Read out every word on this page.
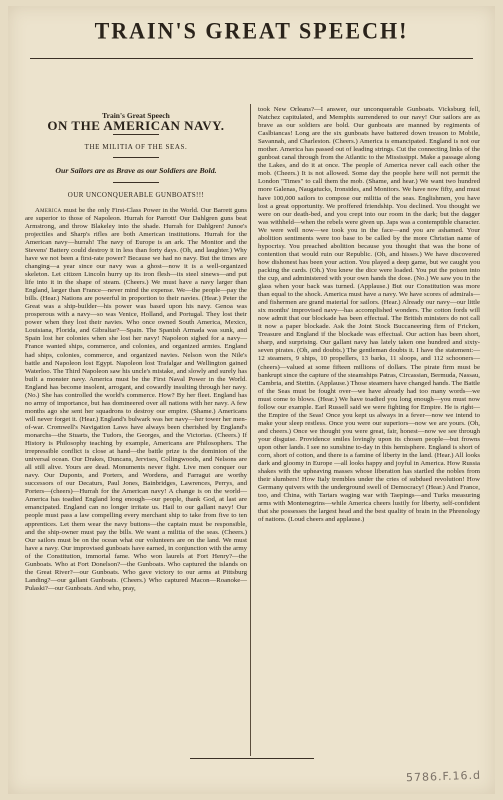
TRAIN'S GREAT SPEECH!
Train's Great Speech
ON THE AMERICAN NAVY.
THE MILITIA OF THE SEAS.
Our Sailors are as Brave as our Soldiers are Bold.
OUR UNCONQUERABLE GUNBOATS!!!

America must be the only First-Class Power in the World. Our Barrett guns are superior to those of Napoleon. Hurrah for Parrott! Our Dahlgren guns beat Armstrong, and throw Blakeley into the shade. Hurrah for Dahlgren! Junoe's projectiles and Sharp's rifles are both American institutions. Hurrah for the American navy—hurrah! The navy of Europe is an ark. The Monitor and the Stevens' Battery could destroy it in less than forty days. (Oh, and laughter.) Why have we not been a first-rate power? Because we had no navy. But the times are changing—a year since our navy was a ghost—now it is a well-organized skeleton. Let citizen Lincoln hurry up its iron flesh—its steel sinews—and put life into it in the shape of steam. (Cheers.) We must have a navy larger than England, larger than France—never mind the expense. We—the people—pay the bills. (Hear.) Nations are powerful in proportion to their navies. (Hear.) Peter the Great was a ship-builder—his power was based upon his navy. Genoa was prosperous with a navy—so was Venice, Holland, and Portugal. They lost their power when they lost their navies. Who once owned South America, Mexico, Louisiana, Florida, and Gibraltar?—Spain. The Spanish Armada was sunk, and Spain lost her colonies when she lost her navy! Napoleon sighed for a navy—France wanted ships, commerce, and colonies, and organized armies. England had ships, colonies, commerce, and organized navies. Nelson won the Nile's battle and Napoleon lost Egypt. Napoleon lost Trafalgar and Wellington gained Waterloo. The Third Napoleon saw his uncle's mistake, and slowly and surely has built a monster navy. America must be the First Naval Power in the World. England has become insolent, arrogant, and cowardly insulting through her navy. (No.) She has controlled the world's commerce. How? By her fleet. England has no army of importance, but has domineered over all nations with her navy. A few months ago she sent her squadrons to destroy our empire. (Shame.) Americans will never forget it. (Hear.) England's bulwark was her navy—her tower her men-of-war. Cromwell's Navigation Laws have always been cherished by England's monarchs—the Stuarts, the Tudors, the Georges, and the Victorias. (Cheers.) If History is Philosophy teaching by example, Americans are Philosophers. The irrepressible conflict is close at hand—the battle prize is the dominion of the universal ocean. Our Drakes, Duncans, Jervises, Collingwoods, and Nelsons are all still alive. Yours are dead. Monuments never fight. Live men conquer our navy. Our Duponts, and Porters, and Wordens, and Farragut are worthy successors of our Decaturs, Paul Jones, Bainbridges, Lawrences, Perrys, and Porters—(cheers)—Hurrah for the American navy! A change is on the world—America has toadied England long enough—our people, thank God, at last are emancipated. England can no longer irritate us. Hail to our gallant navy! Our people must pass a law compelling every merchant ship to take from five to ten apprentices. Let them wear the navy buttons—the captain must be responsible, and the ship-owner must pay the bills. We want a militia of the seas. (Cheers.) Our sailors must be on the ocean what our volunteers are on the land. We must have a navy. Our improvised gunboats have earned, in conjunction with the army of the Constitution, immortal fame. Who won laurels at Fort Henry?—the Gunboats. Who at Fort Donelson?—the Gunboats. Who captured the islands on the Great River?—our Gunboats. Who gave victory to our arms at Pittsburg Landing?—our gallant Gunboats. (Cheers.) Who captured Macon—Roanoke—Pulaski?—our Gunboats. And who, pray,

took New Orleans?—I answer, our unconquerable Gunboats. Vicksburg fell, Natchez capitulated, and Memphis surrendered to our navy! Our sailors are as brave as our soldiers are bold. Our gunboats are manned by regiments of Caslbiancas! Long are the six gunboats have battered down treason to Mobile, Savannah, and Charleston. (Cheers.) America is emancipated. England is not our mother. America has passed out of leading strings. Cut the connecting links of the gunboat canal through from the Atlantic to the Mississippi. Make a passage along the Lakes, and do it at once. The people of America never call each other the mob. (Cheers.) It is not allowed. Some day the people here will not permit the London "Times" to call them the mob. (Shame, and hear.) We want two hundred more Galenas, Naugatucks, Ironsides, and Monitors. We have now fifty, and must have 100,000 sailors to compose our militia of the seas. Englishmen, you have lost a great opportunity. We proffered friendship. You declined. You thought we were on our death-bed, and you crept into our room in the dark; but the dagger was withheld—when the rebels were given up. Japs was a contemptible character. We were well now—we took you in the face—and you are ashamed. Your abolition sentiments were too base to be called by the more Christian name of hypocrisy. You preached abolition because you thought that was the bone of contention that would ruin our Republic. (Oh, and hisses.) We have discovered how dishonest has been your action. You played a deep game, but we caught you packing the cards. (Oh.) You knew the dice were loaded. You put the poison into the cup, and administered with your own hands the dose. (No.) We saw you in the glass when your back was turned. (Applause.) But our Constitution was more than equal to the shock. America must have a navy. We have scores of admirals—and fishermen are grand material for sailors. (Hear.) Already our navy—our little six months' improvised navy—has accomplished wonders. The cotton fords will now admit that our blockade has been effectual. The British ministers do not call it now a paper blockade. Ask the Joint Stock Buccaneering firm of Fricken, Treasure and England if the blockade was effectual. Our action has been short, sharp, and surprising. Our gallant navy has lately taken one hundred and sixty-seven pirates. (Oh, and doubts.) The gentleman doubts it. I have the statement:—12 steamers, 9 ships, 10 propellers, 13 barks, 11 sloops, and 112 schooners—(cheers)—valued at some fifteen millions of dollars. The pirate firm must be bankrupt since the capture of the steamships Patras, Circassian, Bermuda, Nassau, Cambria, and Stettin. (Applause.) Those steamers have changed hands. The Battle of the Seas must be fought over—we have already had too many words—we must come to blows. (Hear.) We have toadied you long enough—you must now follow our example. Earl Russell said we were fighting for Empire. He is right—the Empire of the Seas! Once you kept us always in a fever—now we intend to make your sleep restless. Once you were our superiors—now we are yours. (Oh, and cheers.) Once we thought you were great, fair, honest—now we see through your disguise. Providence smiles lovingly upon its chosen people—but frowns upon other lands. I see no sunshine to-day in this hemisphere. England is short of corn, short of cotton, and there is a famine of liberty in the land. (Hear.) All looks dark and gloomy in Europe —all looks happy and joyful in America. How Russia shakes with the upheaving masses whose liberation has startled the nobles from their slumbers! How Italy trembles under the cries of subdued revolution! How Germany quivers with the underground swell of Democracy! (Hear.) And France, too, and China, with Tartars waging war with Taepings—and Turks measuring arms with Montenegrins—while America cheers lustily for liberty, self-confident that she possesses the largest head and the best quality of brain in the Phrenology of nations. (Loud cheers and applause.)

5786.F.16.d
